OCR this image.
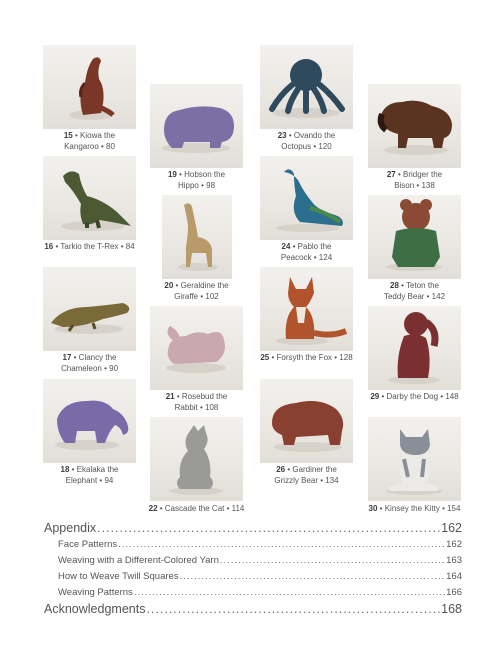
15 • Kiowa the
Kangaroo • 80
16 • Tarkio the T-Rex • 84
17 • Clancy the
Chameleon • 90
18 • Ekalaka the
Elephant • 94
19 • Hobson the
Hippo • 98
20 • Geraldine the
Giraffe • 102
21 • Rosebud the
Rabbit • 108
22 • Cascade the Cat • 114
23 • Ovando the
Octopus • 120
24 • Pablo the
Peacock • 124
25 • Forsyth the Fox • 128
26 • Gardiner the
Grizzly Bear • 134
27 • Bridger the
Bison • 138
28 • Teton the
Teddy Bear • 142
29 • Darby the Dog • 148
30 • Kinsey the Kitty • 154
Appendix .....	162
Face Patterns .....	162
Weaving with a Different-Colored Yarn .....	163
How to Weave Twill Squares .....	164
Weaving Patterns .....	166
Acknowledgments .....	168
